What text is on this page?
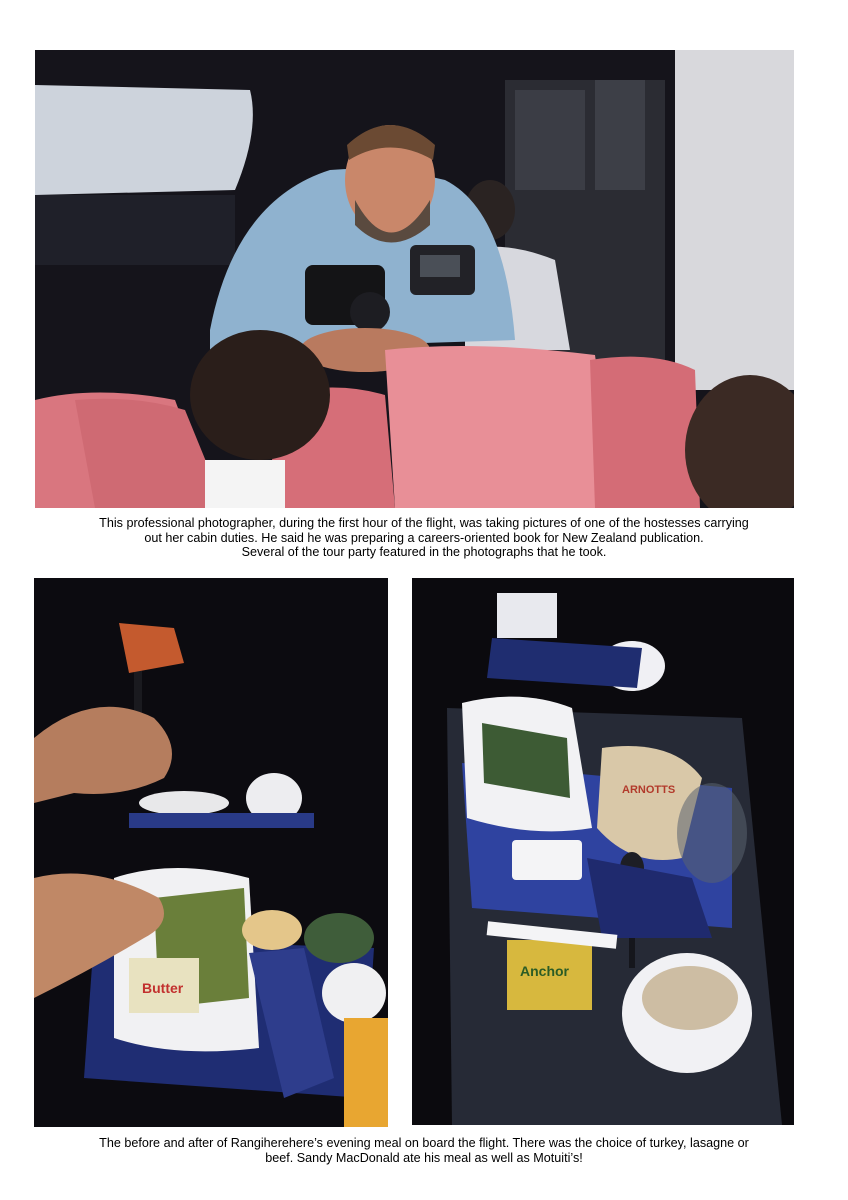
This professional photographer, during the first hour of the flight, was taking pictures of one of the hostesses carrying
out her cabin duties. He said he was preparing a careers-oriented book for New Zealand publication.
Several of the tour party featured in the photographs that he took.

Butter
ARNOTTS
Anchor

The before and after of Rangiherehere’s evening meal on board the flight. There was the choice of turkey, lasagne or
beef. Sandy MacDonald ate his meal as well as Motuiti’s!
